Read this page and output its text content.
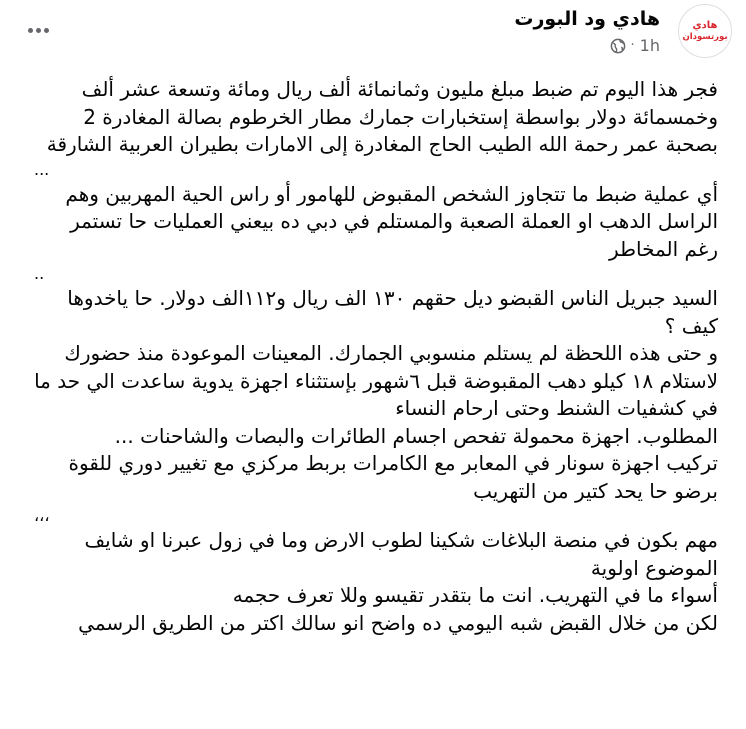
هادي ود البورت
1h
·
هادي
بورتسودان

فجر هذا اليوم تم ضبط مبلغ مليون وثمانمائة ألف ريال ومائة وتسعة عشر ألف وخمسمائة دولار بواسطة إستخبارات جمارك مطار الخرطوم بصالة المغادرة 2 بصحبة عمر رحمة الله الطيب الحاج المغادرة إلى الامارات بطيران العربية الشارقة

...

أي عملية ضبط ما تتجاوز الشخص المقبوض للهامور أو راس الحية المهربين وهم الراسل الدهب او العملة الصعبة والمستلم في دبي ده بيعني العمليات حا تستمر رغم المخاطر

..

السيد جبريل الناس القبضو ديل حقهم ١٣٠ الف ريال و١١٢الف دولار. حا ياخدوها كيف ؟

و حتى هذه اللحظة لم يستلم منسوبي الجمارك. المعينات الموعودة منذ حضورك لاستلام ١٨ كيلو دهب المقبوضة قبل ٦شهور بإستثناء اجهزة يدوية ساعدت الي حد ما في كشفيات الشنط وحتى ارحام النساء

المطلوب. اجهزة محمولة تفحص اجسام الطائرات والبصات والشاحنات ...

تركيب اجهزة سونار في المعابر مع الكامرات بربط مركزي مع تغيير دوري للقوة برضو حا يحد كتير من التهريب

،،،

مهم بكون في منصة البلاغات شكينا لطوب الارض وما في زول عبرنا او شايف الموضوع اولوية

أسواء ما في التهريب. انت ما بتقدر تقيسو وللا تعرف حجمه

لكن من خلال القبض شبه اليومي ده واضح انو سالك اكتر من الطريق الرسمي
